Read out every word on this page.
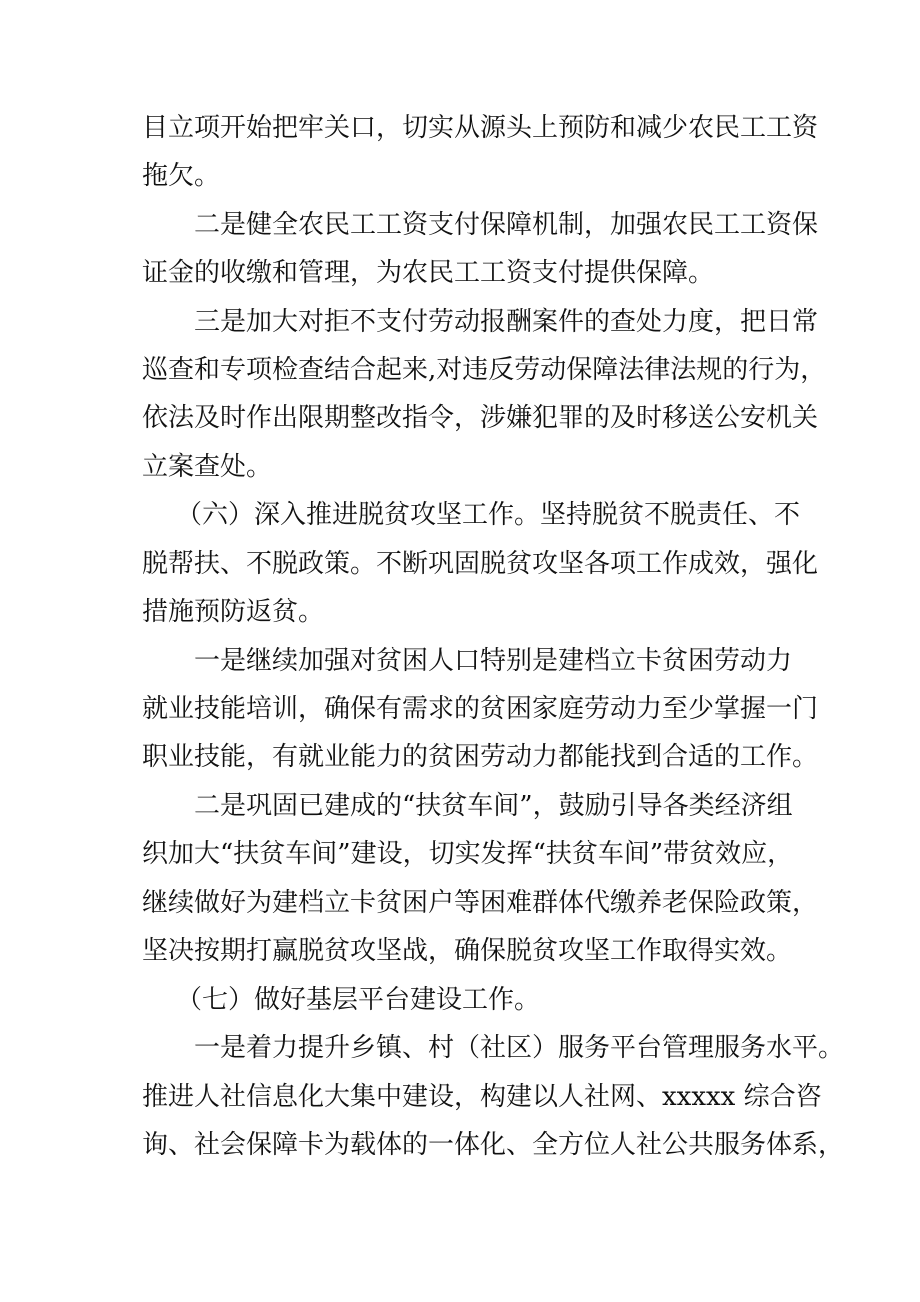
目立项开始把牢关口，切实从源头上预防和减少农民工工资
拖欠。
二是健全农民工工资支付保障机制，加强农民工工资保
证金的收缴和管理，为农民工工资支付提供保障。
三是加大对拒不支付劳动报酬案件的查处力度，把日常
巡查和专项检查结合起来,对违反劳动保障法律法规的行为，
依法及时作出限期整改指令，涉嫌犯罪的及时移送公安机关
立案查处。
（六）深入推进脱贫攻坚工作。坚持脱贫不脱责任、不
脱帮扶、不脱政策。不断巩固脱贫攻坚各项工作成效，强化
措施预防返贫。
一是继续加强对贫困人口特别是建档立卡贫困劳动力
就业技能培训，确保有需求的贫困家庭劳动力至少掌握一门
职业技能，有就业能力的贫困劳动力都能找到合适的工作。
二是巩固已建成的“扶贫车间”，鼓励引导各类经济组
织加大“扶贫车间”建设，切实发挥“扶贫车间”带贫效应，
继续做好为建档立卡贫困户等困难群体代缴养老保险政策，
坚决按期打赢脱贫攻坚战，确保脱贫攻坚工作取得实效。
（七）做好基层平台建设工作。
一是着力提升乡镇、村（社区）服务平台管理服务水平。
推进人社信息化大集中建设，构建以人社网、xxxxx 综合咨
询、社会保障卡为载体的一体化、全方位人社公共服务体系，
